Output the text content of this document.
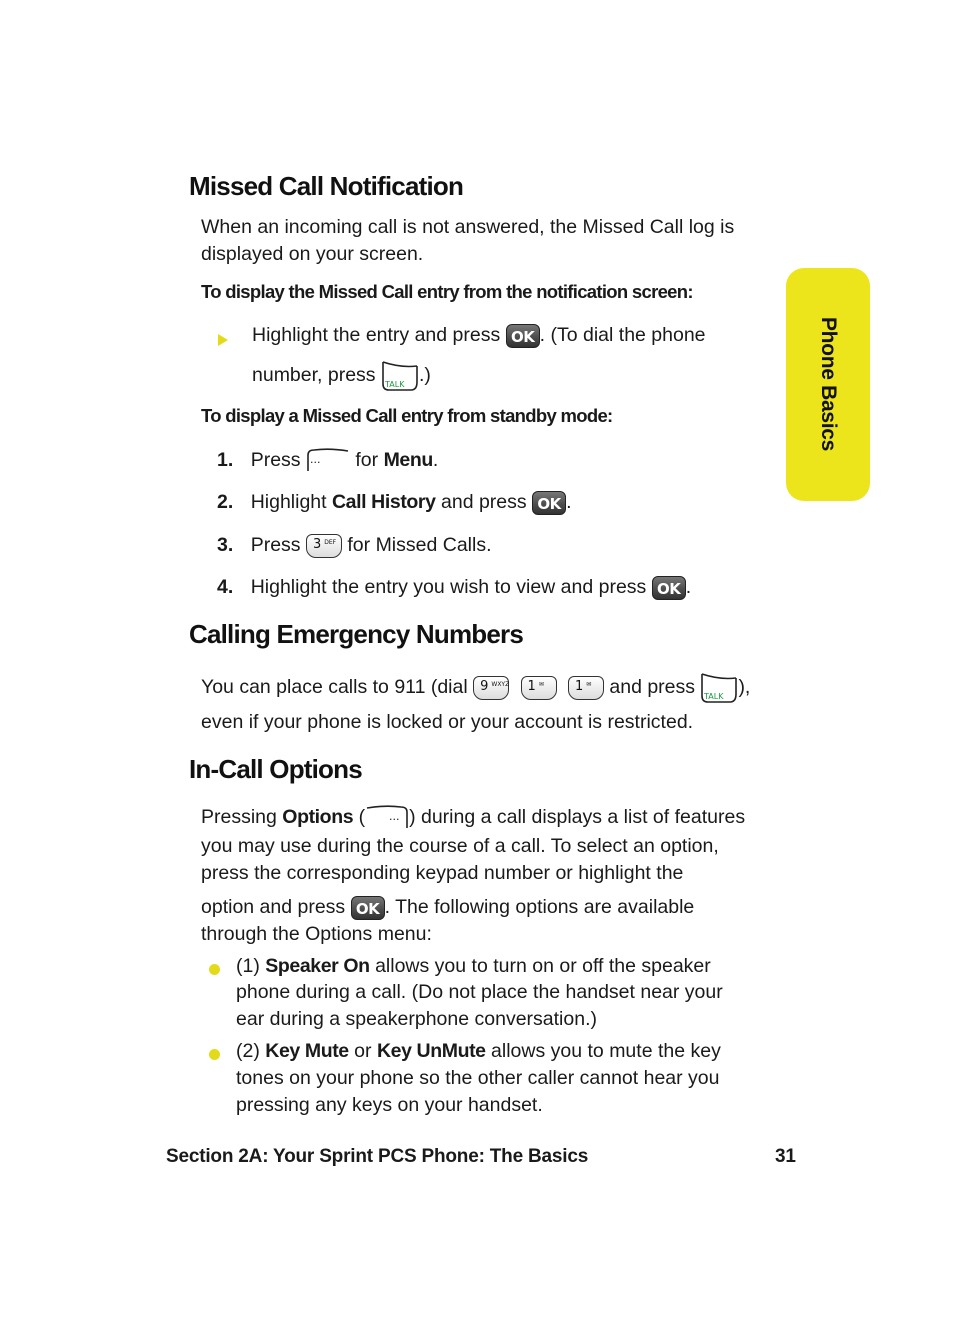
Phone Basics
Missed Call Notification
When an incoming call is not answered, the Missed Call log is
displayed on your screen.
To display the Missed Call entry from the notification screen:
Highlight the entry and press OK . (To dial the phone
number, press TALK .)
To display a Missed Call entry from standby mode:
1. Press ··· for Menu.
2. Highlight Call History and press OK .
3. Press 3 $^{DEF}$ for Missed Calls.
4. Highlight the entry you wish to view and press OK .
Calling Emergency Numbers
You can place calls to 911 (dial 9 $^{WXYZ}$ 1 ✉ 1 ✉ and press TALK ),
even if your phone is locked or your account is restricted.
In-Call Options
Pressing Options ( ··· ) during a call displays a list of features
you may use during the course of a call. To select an option,
press the corresponding keypad number or highlight the
option and press OK . The following options are available
through the Options menu:
(1) Speaker On allows you to turn on or off the speaker
phone during a call. (Do not place the handset near your
ear during a speakerphone conversation.)
(2) Key Mute or Key UnMute allows you to mute the key
tones on your phone so the other caller cannot hear you
pressing any keys on your handset.
Section 2A: Your Sprint PCS Phone: The Basics	31
